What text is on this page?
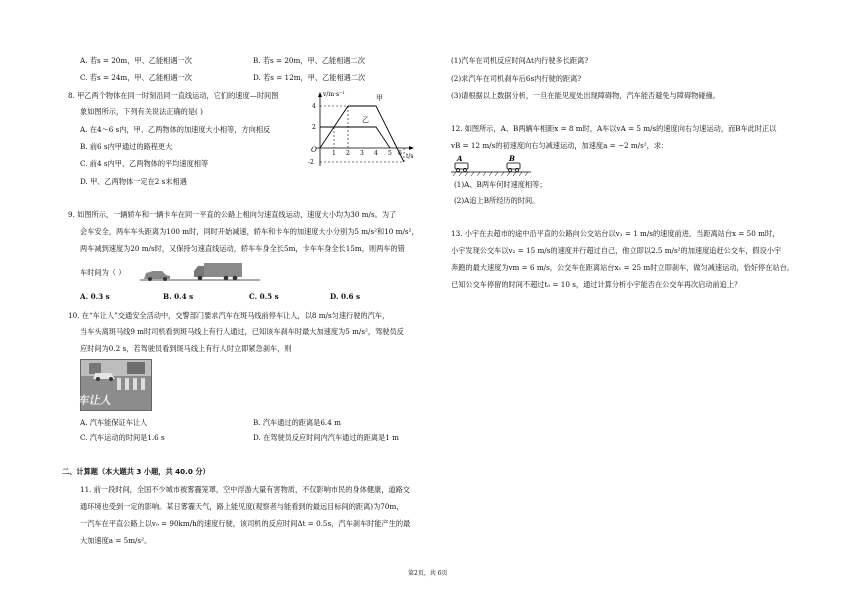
A. 若s = 20m，甲、乙能相遇一次	B. 若s = 20m，甲、乙能相遇二次
C. 若s = 24m，甲、乙能相遇一次	D. 若s = 12m，甲、乙能相遇二次
8. 甲乙两个物体在同一时刻沿同一直线运动，它们的速度—时间图
象如图所示，下列有关说法正确的是( )
A. 在4～6 s内，甲、乙两物体的加速度大小相等，方向相反
B. 前6 s内甲通过的路程更大
C. 前4 s内甲、乙两物体的平均速度相等
D. 甲、乙两物体一定在2 s末相遇
v/m·s⁻¹
t/s
O
4
2
-2
1 2 3 4 5 6
甲
乙
9. 如图所示，一辆轿车和一辆卡车在同一平直的公路上相向匀速直线运动，速度大小均为30 m/s。为了
会车安全，两车车头距离为100 m时，同时开始减速，轿车和卡车的加速度大小分别为5 m/s²和10 m/s²，
两车减到速度为20 m/s时，又保持匀速直线运动，轿车车身全长5m，卡车车身全长15m，则两车的错
车时间为（ ）
A. 0.3 s	B. 0.4 s	C. 0.5 s	D. 0.6 s
10. 在“车让人”交通安全活动中，交警部门要求汽车在斑马线前停车让人，以8 m/s匀速行驶的汽车，
当车头离斑马线9 m时司机看到斑马线上有行人通过，已知该车刹车时最大加速度为5 m/s²，驾驶员反
应时间为0.2 s，若驾驶员看到斑马线上有行人时立即紧急刹车，则
车让人
A. 汽车能保证车让人	B. 汽车通过的距离是6.4 m
C. 汽车运动的时间是1.6 s	D. 在驾驶员反应时间内汽车通过的距离是1 m
二、计算题（本大题共 3 小题，共 40.0 分）
11. 前一段时间，全国不少城市被雾霾笼罩，空中浮游大量有害物质，不仅影响市民的身体健康，道路交
通环境也受到一定的影响。某日雾霾天气，路上能见度(观察者与能看到的最远目标间的距离)为70m，
一汽车在平直公路上以v₀ = 90km/h的速度行驶，该司机的反应时间Δt = 0.5s，汽车刹车时能产生的最
大加速度a = 5m/s²。
(1)汽车在司机反应时间Δt内行驶多长距离?
(2)求汽车在司机刹车后6s内行驶的距离?
(3)请根据以上数据分析，一旦在能见度处出现障碍物，汽车能否避免与障碍物碰撞。
12. 如图所示，A、B两辆车相距x = 8 m时，A车以vA = 5 m/s的速度向右匀速运动，而B车此时正以
vB = 12 m/s的初速度向右匀减速运动，加速度a = −2 m/s²，求：
A	B
(1)A、B两车何时速度相等；
(2)A追上B所经历的时间。
13. 小宇在去超市的途中沿平直的公路向公交站台以v₁ = 1 m/s的速度前进，当距离站台x = 50 m时，
小宇发现公交车以v₂ = 15 m/s的速度并行超过自己，他立即以2.5 m/s²的加速度追赶公交车，假设小宇
奔跑的最大速度为vm = 6 m/s，公交车在距离站台x₁ = 25 m时立即刹车，做匀减速运动，恰好停在站台。
已知公交车停留的时间不超过t₀ = 10 s，通过计算分析小宇能否在公交车再次启动前追上？
第2页，共 6页
